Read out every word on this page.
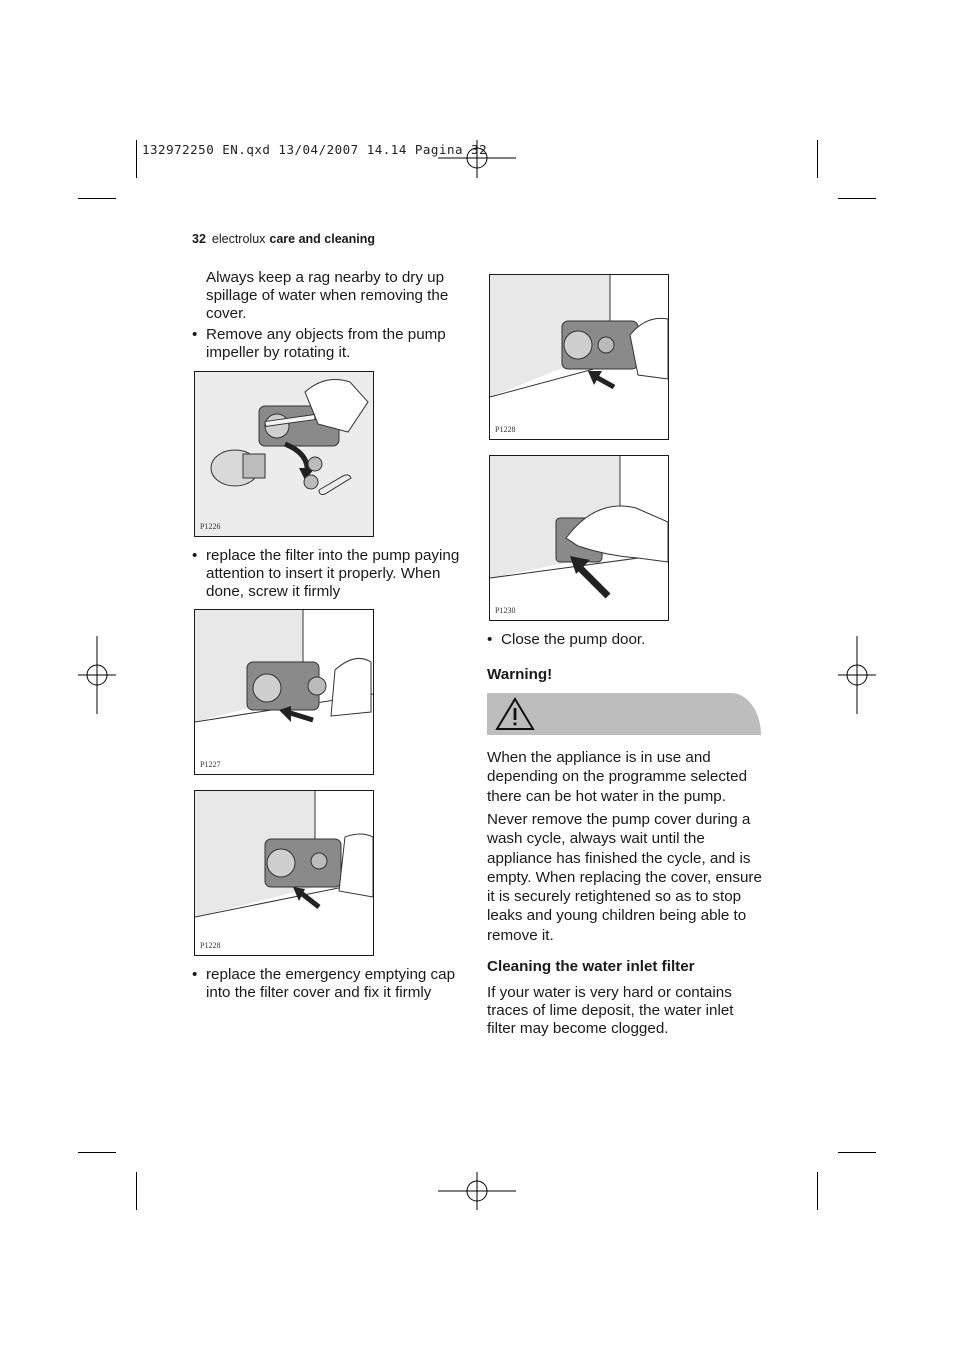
132972250 EN.qxd 13/04/2007 14.14 Pagina 32
32 electrolux care and cleaning
Always keep a rag nearby to dry up spillage of water when removing the cover.
• Remove any objects from the pump impeller by rotating it.
P1226
• replace the filter into the pump paying attention to insert it properly. When done, screw it firmly
P1227
P1228
• replace the emergency emptying cap into the filter cover and fix it firmly
P1228
P1230
• Close the pump door.
Warning!
When the appliance is in use and depending on the programme selected there can be hot water in the pump.
Never remove the pump cover during a wash cycle, always wait until the appliance has finished the cycle, and is empty. When replacing the cover, ensure it is securely retightened so as to stop leaks and young children being able to remove it.
Cleaning the water inlet filter
If your water is very hard or contains traces of lime deposit, the water inlet filter may become clogged.
